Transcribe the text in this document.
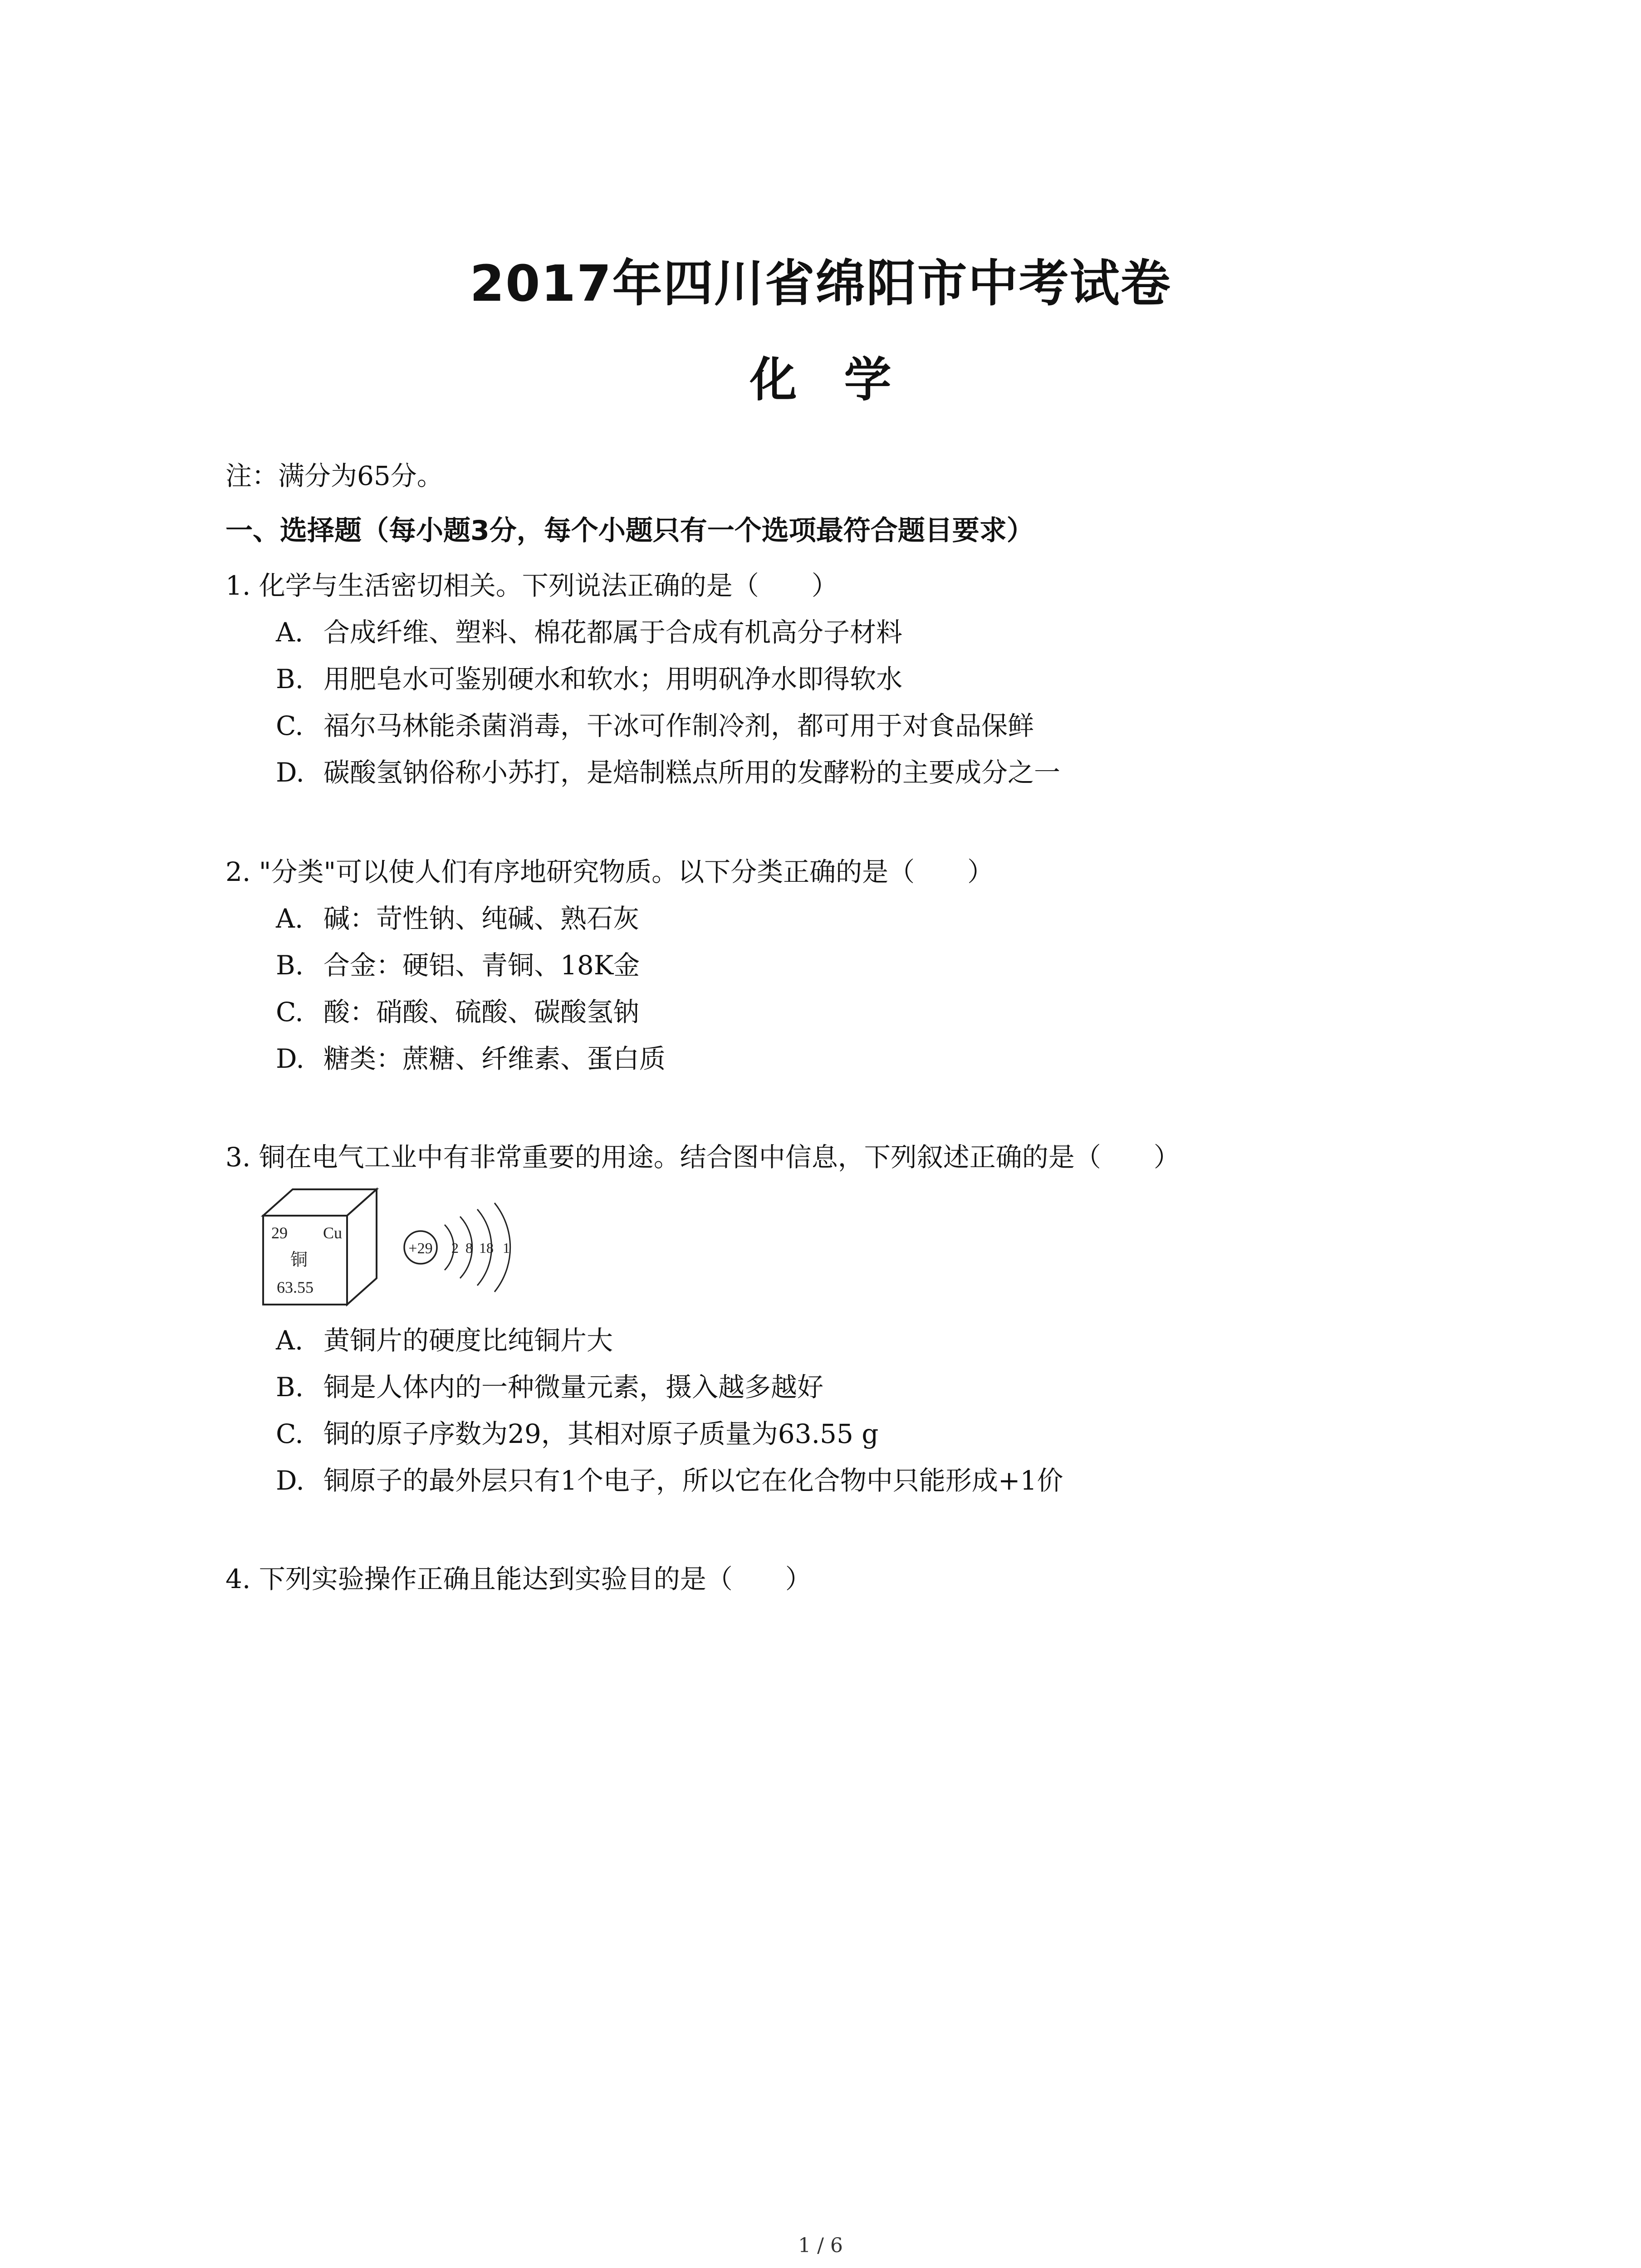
2017年四川省绵阳市中考试卷
化　学
注：满分为65分。
一、选择题（每小题3分，每个小题只有一个选项最符合题目要求）
1. 化学与生活密切相关。下列说法正确的是（　　）
A. 合成纤维、塑料、棉花都属于合成有机高分子材料
B. 用肥皂水可鉴别硬水和软水；用明矾净水即得软水
C. 福尔马林能杀菌消毒，干冰可作制冷剂，都可用于对食品保鲜
D. 碳酸氢钠俗称小苏打，是焙制糕点所用的发酵粉的主要成分之一
2. "分类"可以使人们有序地研究物质。以下分类正确的是（　　）
A. 碱：苛性钠、纯碱、熟石灰
B. 合金：硬铝、青铜、18K金
C. 酸：硝酸、硫酸、碳酸氢钠
D. 糖类：蔗糖、纤维素、蛋白质
3. 铜在电气工业中有非常重要的用途。结合图中信息，下列叙述正确的是（　　）
29 Cu
铜
63.55
+29 2 8 18 1
A. 黄铜片的硬度比纯铜片大
B. 铜是人体内的一种微量元素，摄入越多越好
C. 铜的原子序数为29，其相对原子质量为63.55 g
D. 铜原子的最外层只有1个电子，所以它在化合物中只能形成+1价
4. 下列实验操作正确且能达到实验目的是（　　）
1 / 6
